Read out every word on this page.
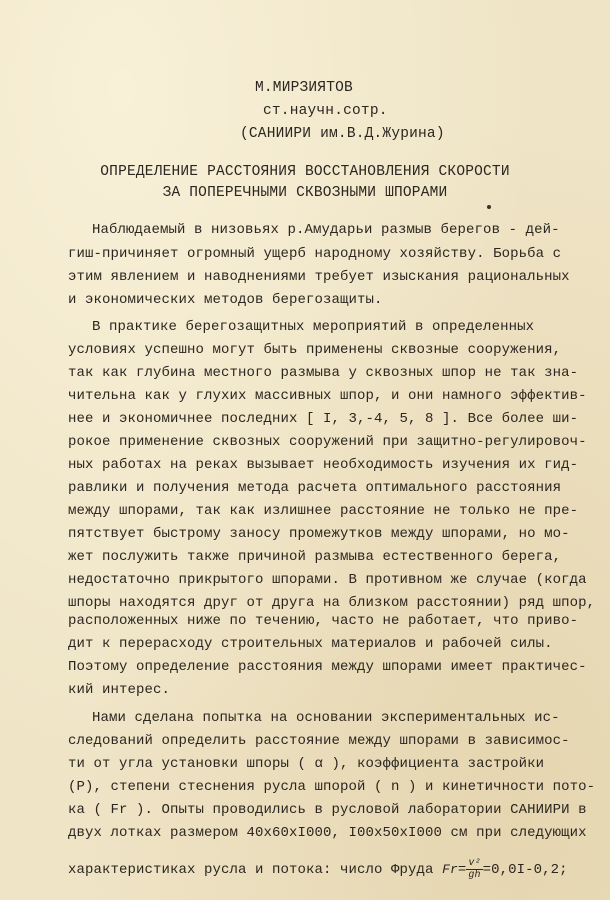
М.МИРЗИЯТОВ
ст.научн.сотр.
(САНИИРИ им.В.Д.Журина)
ОПРЕДЕЛЕНИЕ РАССТОЯНИЯ ВОССТАНОВЛЕНИЯ СКОРОСТИ
ЗА ПОПЕРЕЧНЫМИ СКВОЗНЫМИ ШПОРАМИ
Наблюдаемый в низовьях р.Амударьи размыв берегов - дей-
гиш-причиняет огромный ущерб народному хозяйству. Борьба с
этим явлением и наводнениями требует изыскания рациональных
и экономических методов берегозащиты.
В практике берегозащитных мероприятий в определенных
условиях успешно могут быть применены сквозные сооружения,
так как глубина местного размыва у сквозных шпор не так зна-
чительна как у глухих массивных шпор, и они намного эффектив-
нее и экономичнее последних [ I, 3,-4, 5, 8 ]. Все более ши-
рокое применение сквозных сооружений при защитно-регулировоч-
ных работах на реках вызывает необходимость изучения их гид-
равлики и получения метода расчета оптимального расстояния
между шпорами, так как излишнее расстояние не только не пре-
пятствует быстрому заносу промежутков между шпорами, но мо-
жет послужить также причиной размыва естественного берега,
недостаточно прикрытого шпорами. В противном же случае (когда
шпоры находятся друг от друга на близком расстоянии) ряд шпор,
расположенных ниже по течению, часто не работает, что приво-
дит к перерасходу строительных материалов и рабочей силы.
Поэтому определение расстояния между шпорами имеет практичес-
кий интерес.
Нами сделана попытка на основании экспериментальных ис-
следований определить расстояние между шпорами в зависимос-
ти от угла установки шпоры ( α ), коэффициента застройки
(P), степени стеснения русла шпорой ( n ) и кинетичности пото-
ка ( Fr ). Опыты проводились в русловой лаборатории САНИИРИ в
двух лотках размером 40х60хI000, I00х50хI000 см при следующих
характеристиках русла и потока: число Фруда $Fr= \frac{\text{v²}}{gh} =0,0I-0,2$;
